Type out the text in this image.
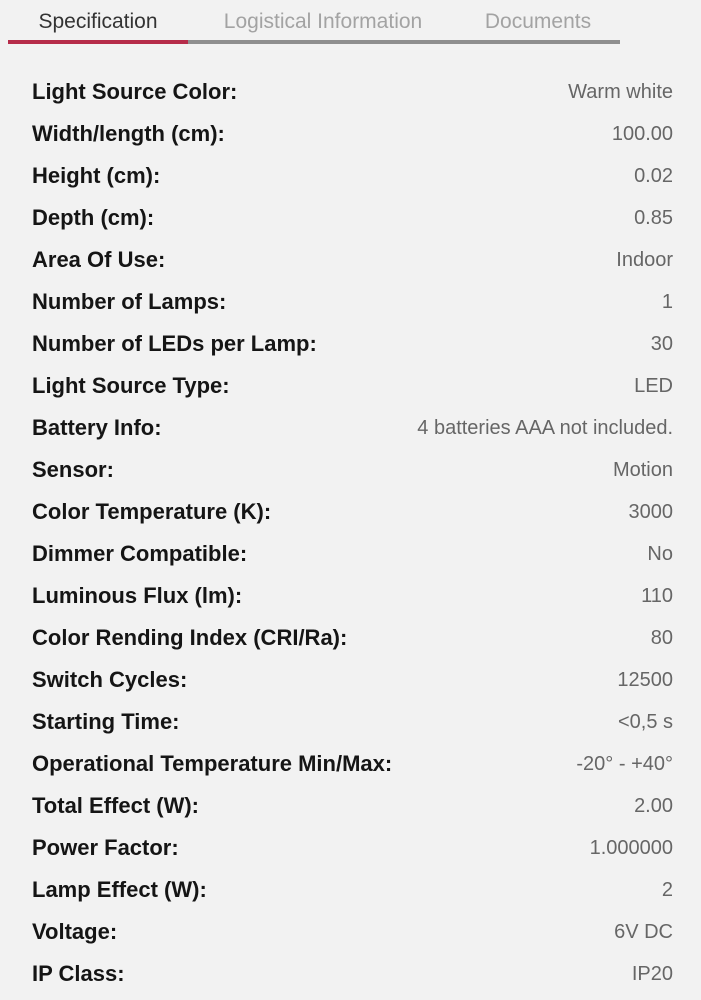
Specification	Logistical Information	Documents
Light Source Color:	Warm white
Width/length (cm):	100.00
Height (cm):	0.02
Depth (cm):	0.85
Area Of Use:	Indoor
Number of Lamps:	1
Number of LEDs per Lamp:	30
Light Source Type:	LED
Battery Info:	4 batteries AAA not included.
Sensor:	Motion
Color Temperature (K):	3000
Dimmer Compatible:	No
Luminous Flux (lm):	110
Color Rending Index (CRI/Ra):	80
Switch Cycles:	12500
Starting Time:	<0,5 s
Operational Temperature Min/Max:	-20° - +40°
Total Effect (W):	2.00
Power Factor:	1.000000
Lamp Effect (W):	2
Voltage:	6V DC
IP Class:	IP20
